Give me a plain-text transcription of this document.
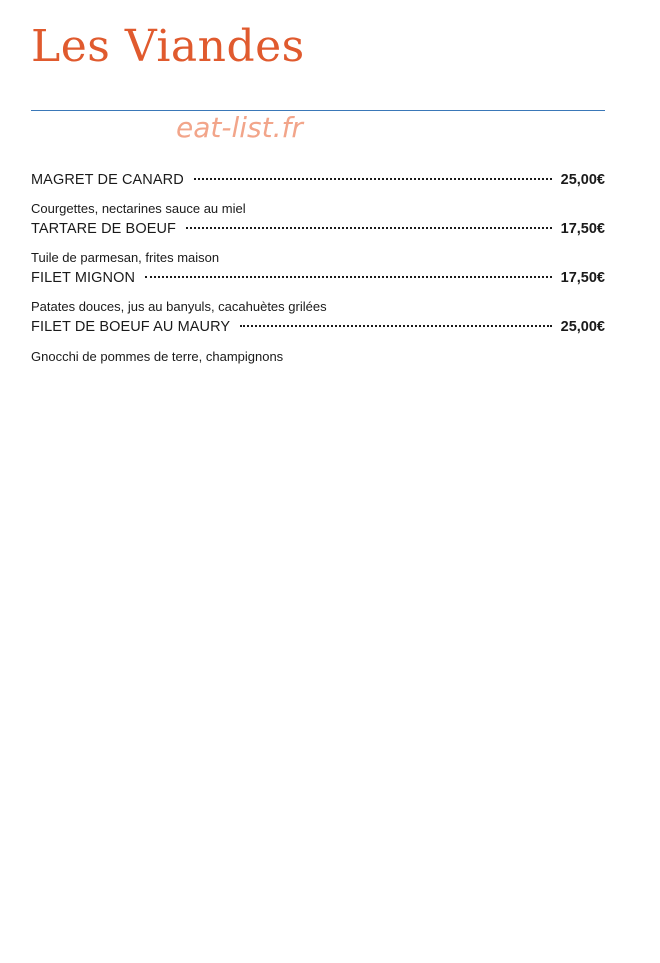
Les Viandes
eat-list.fr
MAGRET DE CANARD	25,00€
Courgettes, nectarines sauce au miel
TARTARE DE BOEUF	17,50€
Tuile de parmesan, frites maison
FILET MIGNON	17,50€
Patates douces, jus au banyuls, cacahuètes grilées
FILET DE BOEUF AU MAURY	25,00€
Gnocchi de pommes de terre, champignons
